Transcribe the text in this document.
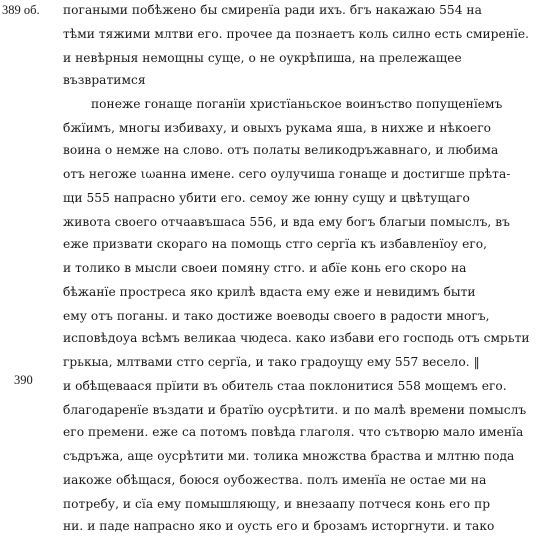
389 об.
390
погаными побѣжено бы смиренїа ради ихъ. бгъ накажаю 554 на
тѣми тяжими млтви его. прочее да познаетъ коль силно есть смиренїе.
и невѣрныя немощны суще, о не оукрѣпиша, на прележащее
възвратимся
понеже гонаще поганїи христїаньское воинъство попущенїемъ
бжїимъ, многы избиваху, и овыхъ рукама яша, в нихже и нѣкоего
воина о немже на слово. отъ полаты великодръжавнаго, и любима
отъ негоже ιωанна имене. сего оулучиша гонаще и достигше прѣта-
щи 555 напрасно убити его. семоу же юнну сущу и цвѣтущаго
живота своего отчаавъшаса 556, и вда ему богъ благыи помыслъ, въ
еже призвати скораго на помощь стго сергїа къ избавленїоу его,
и толико в мысли своеи помяну стго. и абїе конь его скоро на
бѣжанїе простреса яко крилѣ вдаста ему еже и невидимъ быти
ему отъ поганы. и тако достиже воеводы своего в радости многъ,
исповѣдоуа всѣмъ великаа чюдеса. како избави его господь отъ смрьти
грькыа, млтвами стго сергїа, и тако градоущу ему 557 весело. ‖
и обѣщеваася прїити въ обитель стаа поклонитися 558 мощемъ его.
благодаренїе въздати и братїю оусрѣтити. и по малѣ времени помыслъ
его премени. еже са потомъ повѣда глаголя. что сътворю мало именїа
съдръжа, аще оусрѣтити ми. толика множства браства и млтню пода
иакоже обѣщася, боюся оубожества. полъ именїа не остае ми на
потребу, и сїа ему помышляющу, и внезаапу потчеся конь его пр
ни. и паде напрасно яко и оусть его и брозамъ исторгнути. и тако
